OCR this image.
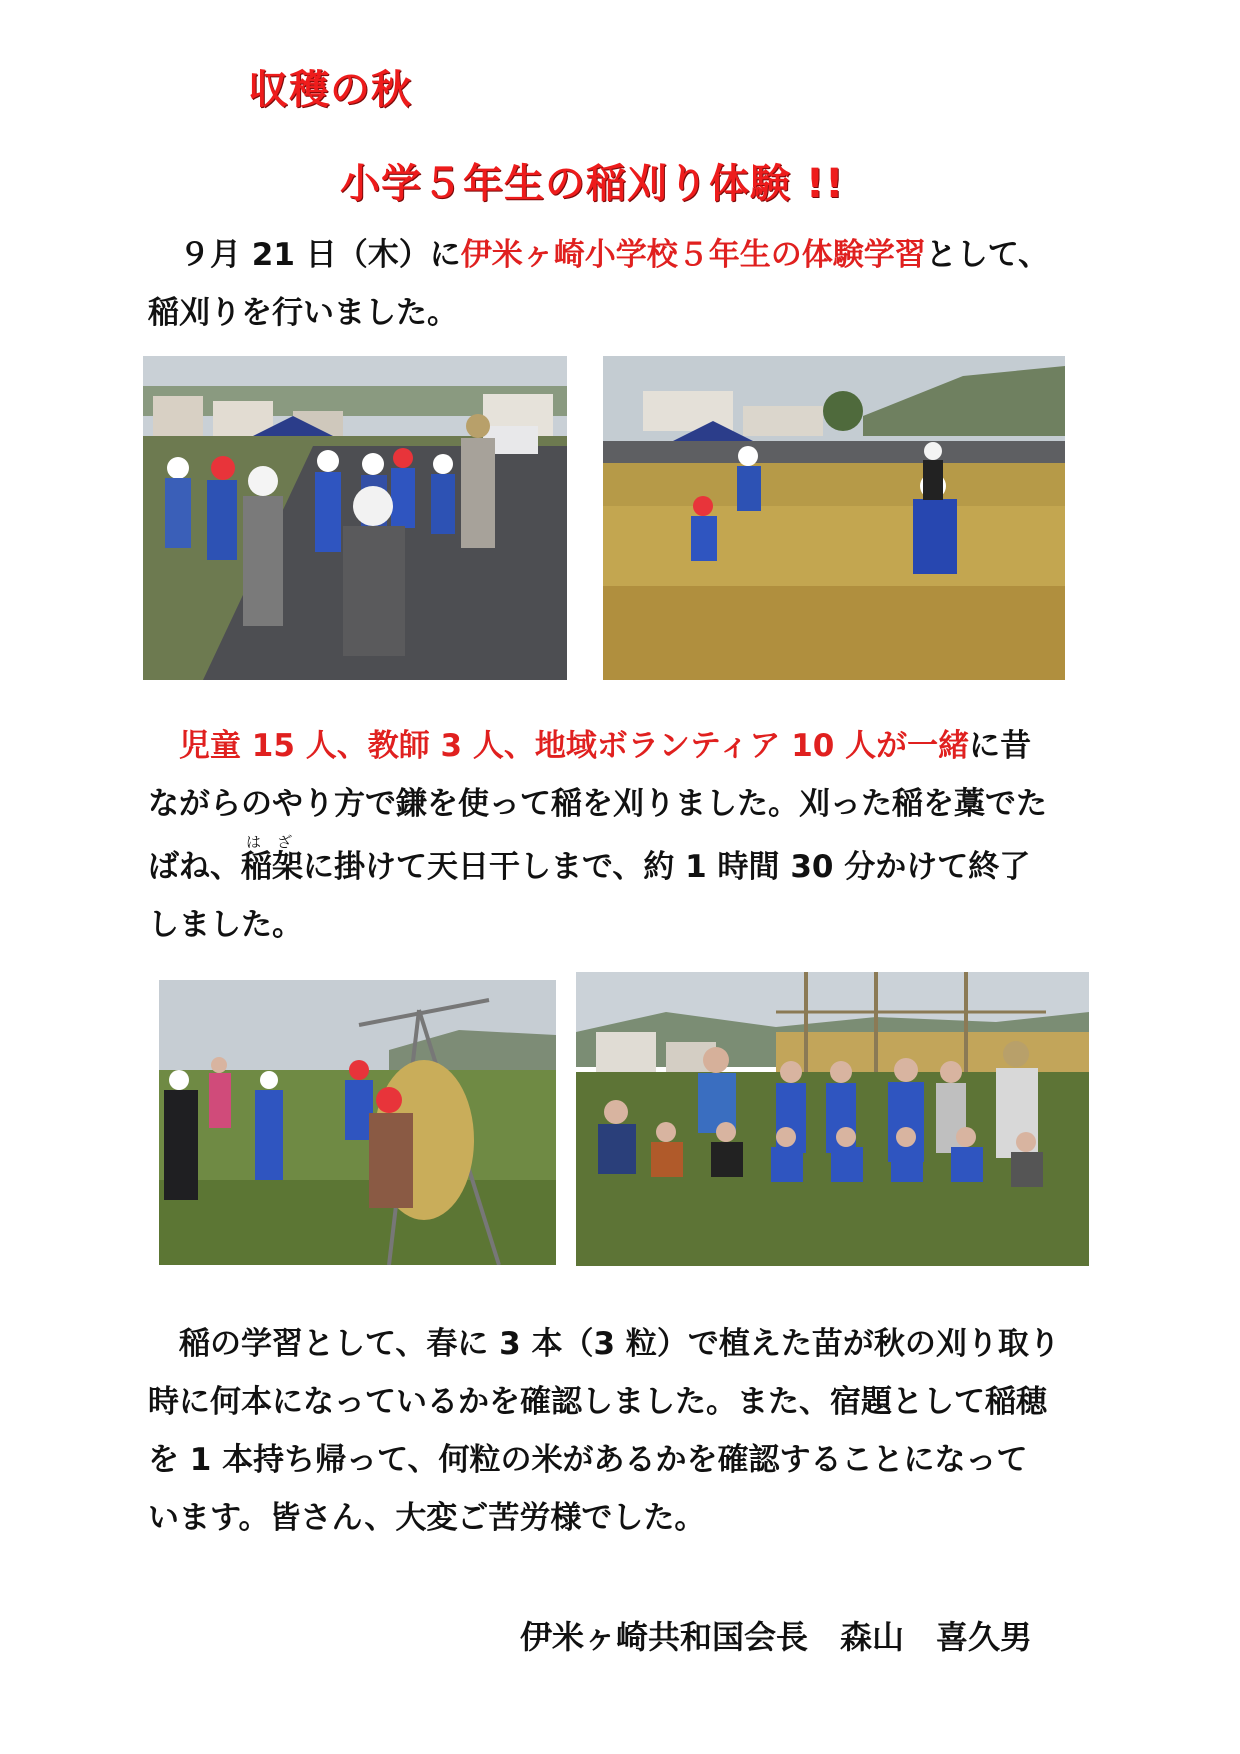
収穫の秋
小学５年生の稲刈り体験 !!
　９月 21 日（木）に伊米ヶ崎小学校５年生の体験学習として、
稲刈りを行いました。
　児童 15 人、教師 3 人、地域ボランティア 10 人が一緒に昔
ながらのやり方で鎌を使って稲を刈りました。刈った稲を藁でた
ばね、稲架はざに掛けて天日干しまで、約 1 時間 30 分かけて終了
しました。
　稲の学習として、春に 3 本（3 粒）で植えた苗が秋の刈り取り
時に何本になっているかを確認しました。また、宿題として稲穂
を 1 本持ち帰って、何粒の米があるかを確認することになって
います。皆さん、大変ご苦労様でした。
伊米ヶ崎共和国会長　森山　喜久男
